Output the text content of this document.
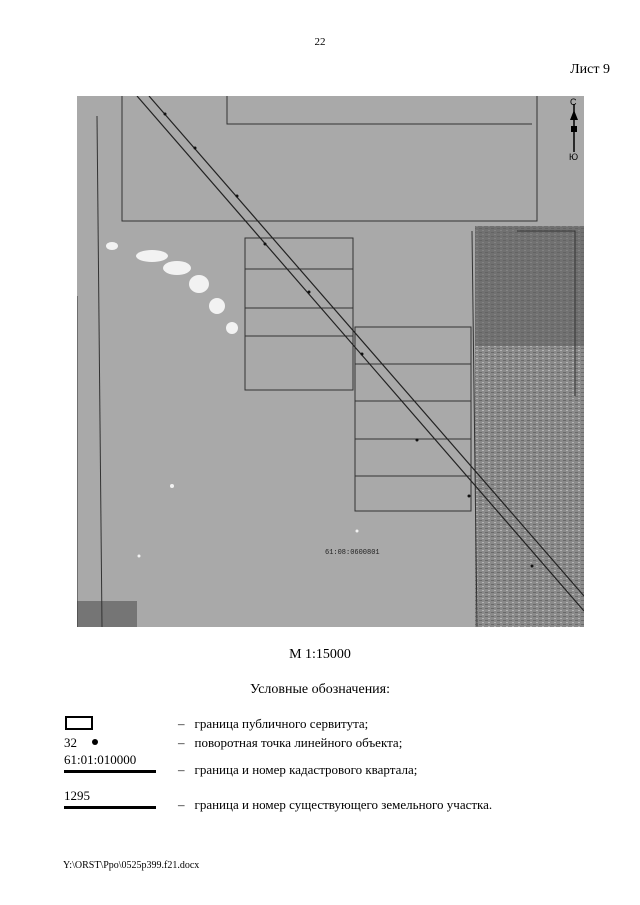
22
Лист 9
С
Ю
61:08:0600801
М 1:15000
Условные обозначения:
– граница публичного сервитута;
32	– поворотная точка линейного объекта;
61:01:010000
– граница и номер кадастрового квартала;
1295
– граница и номер существующего земельного участка.
Y:\ORST\Ppo\0525p399.f21.docx
